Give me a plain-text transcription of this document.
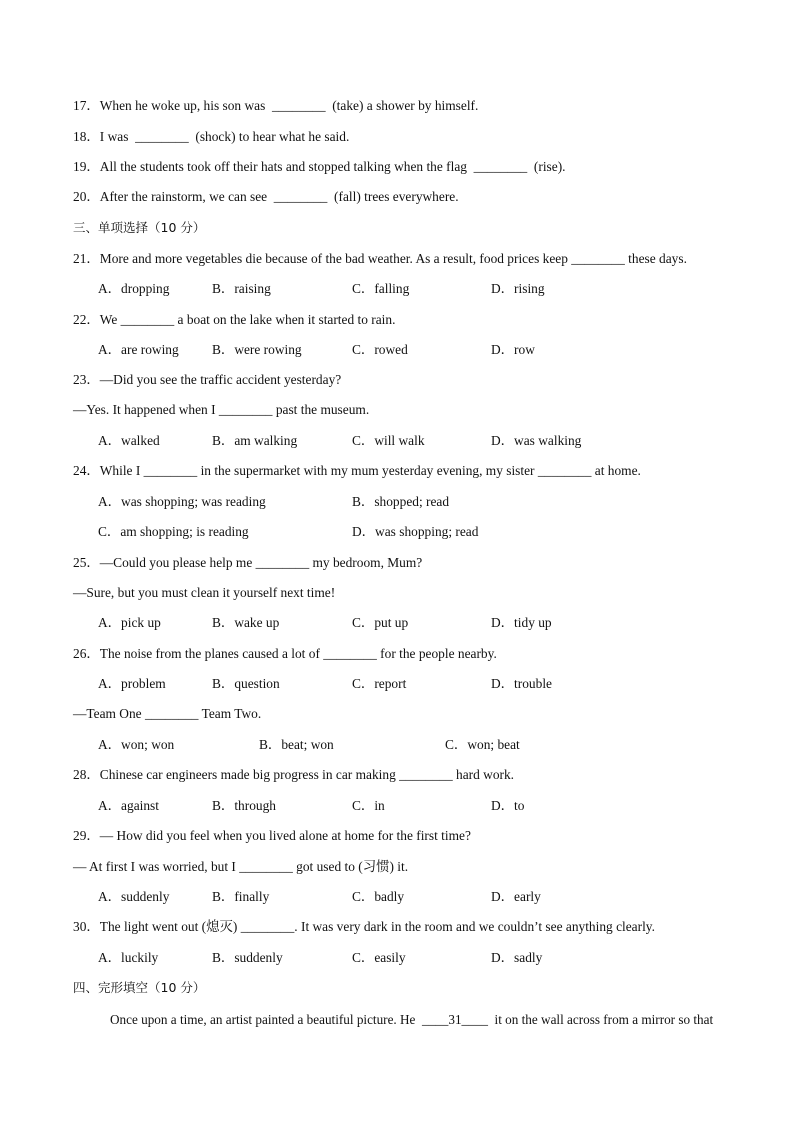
17．When he woke up, his son was  ________  (take) a shower by himself.
18．I was  ________  (shock) to hear what he said.
19．All the students took off their hats and stopped talking when the flag  ________  (rise).
20．After the rainstorm, we can see  ________  (fall) trees everywhere.
三、单项选择（10 分）
21．More and more vegetables die because of the bad weather. As a result, food prices keep ________ these days.
A．dropping	B．raising	C．falling	D．rising
22．We ________ a boat on the lake when it started to rain.
A．are rowing B．were rowing	C．rowed	D．row
23．—Did you see the traffic accident yesterday?
—Yes. It happened when I ________ past the museum.
A．walked	B．am walking	C．will walk	D．was walking
24．While I ________ in the supermarket with my mum yesterday evening, my sister ________ at home.
A．was shopping; was reading	B．shopped; read
C．am shopping; is reading	D．was shopping; read
25．—Could you please help me ________ my bedroom, Mum?
—Sure, but you must clean it yourself next time!
A．pick up	B．wake up	C．put up	D．tidy up
26．The noise from the planes caused a lot of ________ for the people nearby.
A．problem	B．question	C．report	D．trouble
—Team One ________ Team Two.
A．won; won	B．beat; won	C．won; beat
28．Chinese car engineers made big progress in car making ________ hard work.
A．against	B．through	C．in	D．to
29．— How did you feel when you lived alone at home for the first time?
— At first I was worried, but I ________ got used to (习惯) it.
A．suddenly	B．finally	C．badly	D．early
30．The light went out (熄灭) ________. It was very dark in the room and we couldn’t see anything clearly.
A．luckily	B．suddenly	C．easily	D．sadly
四、完形填空（10 分）
Once upon a time, an artist painted a beautiful picture. He  ____31____  it on the wall across from a mirror so that
